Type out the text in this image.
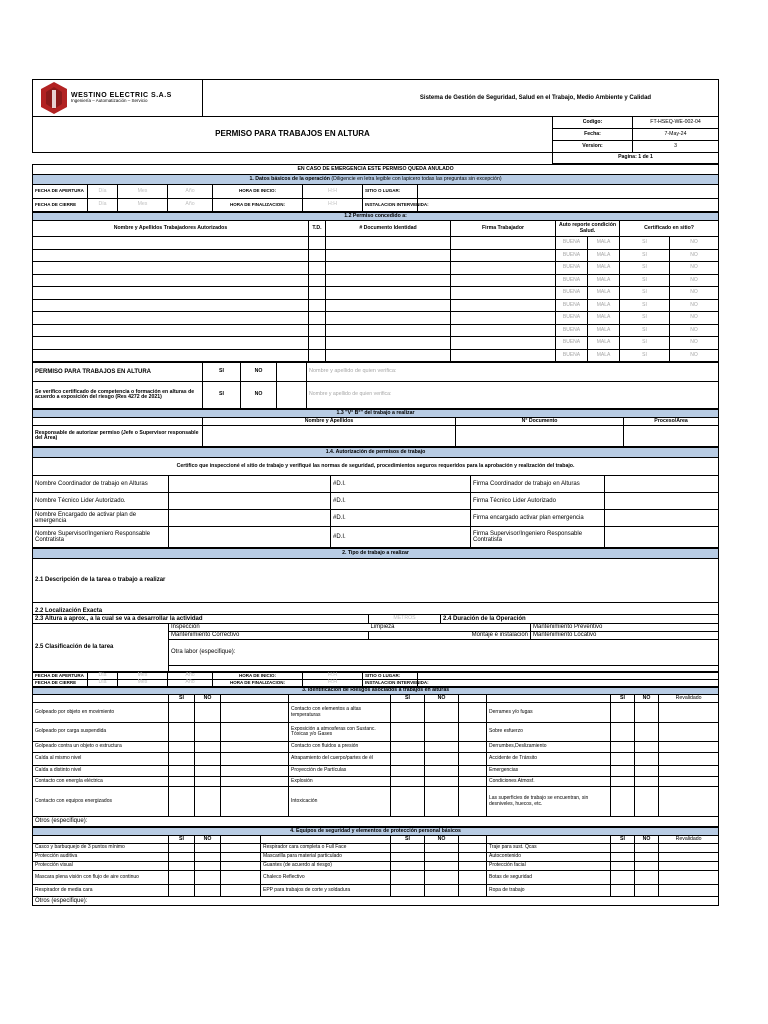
WESTINO ELECTRIC S.A.S
Ingeniería – Automatización – Servicio	Sistema de Gestión de Seguridad, Salud en el Trabajo, Medio Ambiente y Calidad		
PERMISO PARA TRABAJOS EN ALTURA		Codigo:	FT-HSEQ-WE-002-04
		Fecha:	7-May-24
		Version:	3
		Pagina: 1 de 1	
EN CASO DE EMERGENCIA ESTE PERMISO QUEDA ANULADO							
1. Datos básicos de la operación (Diligencie en letra legible con lapicero todas las preguntas sin excepción)							
FECHA DE APERTURA	Día	Mes	Año	HORA DE INICIO:	H:H	SITIO O LUGAR:	
FECHA DE CIERRE	Día	Mes	Año	HORA DE FINALIZACION:	H:H	INSTALACION INTERVENIDA:	
1.2 Permiso concedido a:							
Nombre y Apellidos Trabajadores Autorizados	T.D.	# Documento Identidad	Firma Trabajador	Auto reporte condición Salud.		Certificado en sitio?	
				BUENA	MALA	SI	NO
				BUENA	MALA	SI	NO
				BUENA	MALA	SI	NO
				BUENA	MALA	SI	NO
				BUENA	MALA	SI	NO
				BUENA	MALA	SI	NO
				BUENA	MALA	SI	NO
				BUENA	MALA	SI	NO
				BUENA	MALA	SI	NO
				BUENA	MALA	SI	NO
PERMISO PARA TRABAJOS EN ALTURA	SI	NO		Nombre y apellido de quien verifica:
Se verifico certificado de competencia o formación en alturas de acuerdo a exposición del riesgo (Res 4272 de 2021)	SI	NO		Nombre y apellido de quien verifica:
1.3 "V° B°" del trabajo a realizar			
	Nombre y Apellidos	N° Documento	Proceso/Área
Responsable de autorizar permiso (Jefe o Supervisor responsable del Área)			
1.4. Autorización de permisos de trabajo				
Certifico que inspeccioné el sitio de trabajo y verifiqué las normas de seguridad, procedimientos seguros requeridos para la aprobación y realización del trabajo.				
Nombre Coordinador de trabajo en Alturas		#D.I.	Firma Coordinador de trabajo en Alturas	
Nombre Técnico Lider Autorizado.		#D.I.	Firma Técnico Lider Autorizado	
Nombre Encargado de activar plan de emergencia		#D.I.	Firma encargado activar plan emergencia	
Nombre Supervisor/Ingeniero Responsable Contratista		#D.I.	Firma Supervisor/Ingeniero Responsable Contratista	
2. Tipo de trabajo a realizar				
2.1 Descripción de la tarea o trabajo a realizar				
2.2 Localización Exacta				
2.3 Altura a aprox., a la cual se va a desarrollar la actividad		METROS	2.4 Duración de la Operación	
2.5 Clasificación de la tarea	Inspección	Limpieza		Mantenimiento Preventivo
	Mantenimiento Correctivo	Montaje e instalación		Mantenimiento Locativo
	Otra labor (especifique):			

FECHA DE APERTURA	Día	Mes	Año	HORA DE INICIO:	H:H	SITIO O LUGAR:	
FECHA DE CIERRE	Día	Mes	Año	HORA DE FINALIZACION:	H:H	INSTALACION INTERVENIDA:	
3. Identificación de Riesgos asociados a trabajos en alturas											
	SI	NO			SI	NO			SI	NO	Revalidado
Golpeado por objeto en movimiento				Contacto con elementos a altas temperaturas				Derrames y/o fugas			
Golpeado por carga suspendida				Exposición a atmosferas con Sustanc. Tóxicas y/o Gases				Sobre esfuerzo			
Golpeado contra un objeto o estructura				Contacto con fluidos a presión				Derrumbes,Deslizamiento			
Caída al mismo nivel				Atrapamiento del cuerpo/partes de él				Accidente de Tránsito			
Caída a distinto nivel				Proyección de Partículas				Emergencias			
Contacto con energía eléctrica				Explosión				Condiciones Atmosf.			
Contacto con equipos energizados				Intoxicación				Las superficies de trabajo se encuentran, sin desniveles, huecos, etc.			
Otros (especifique):											
4. Equipos de seguridad y elementos de protección personal básicos											
	SI	NO			SI	NO			SI	NO	Revalidado
Casco y barbuquejo de 3 puntos mínimo				Respirador cara completa o Full Face				Traje para sust. Qcas			
Protección auditiva				Mascarilla para material particulado				Autocontenido			
Protección visual				Guantes (de acuerdo al riesgo)				Protección facial			
Mascara plena visión con flujo de aire continuo				Chaleco Reflectivo				Botas de seguridad			
Respirador de media cara				EPP para trabajos de corte y soldadura				Ropa de trabajo			
Otros (especifique):											
